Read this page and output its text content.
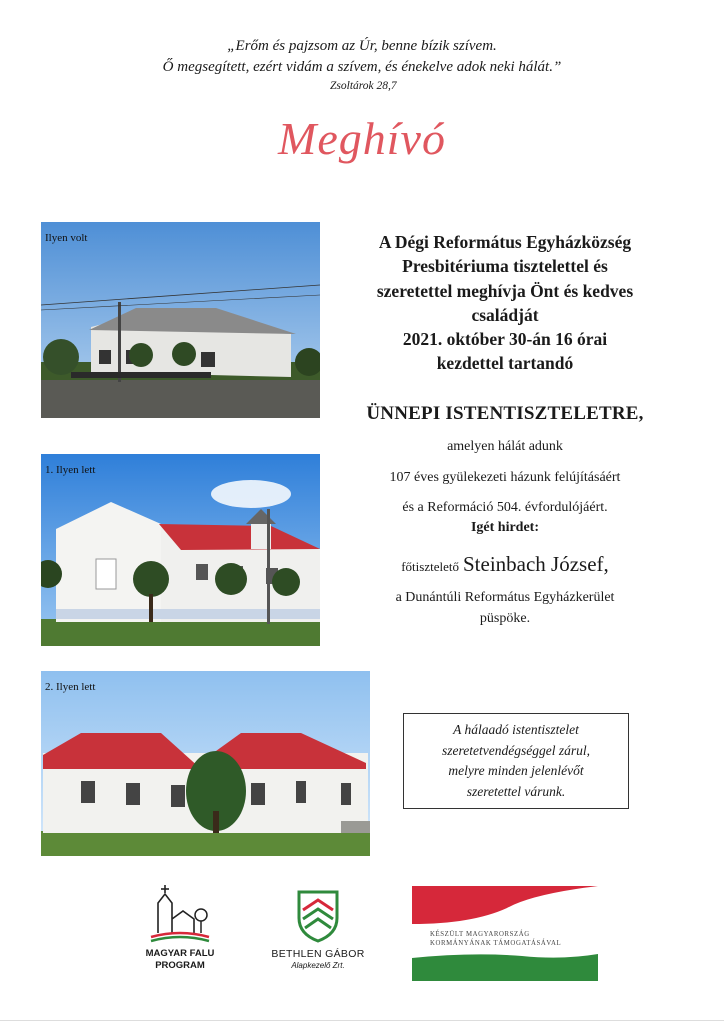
„Erőm és pajzsom az Úr, benne bízik szívem.
Ő megsegített, ezért vidám a szívem, és énekelve adok neki hálát.”
Zsoltárok 28,7
Meghívó
Ilyen volt
1. Ilyen lett
2. Ilyen lett
A Dégi Református Egyházközség
Presbitériuma tisztelettel és
szeretettel meghívja Önt és kedves
családját
2021. október 30-án 16 órai
kezdettel tartandó
ÜNNEPI ISTENTISZTELETRE,
amelyen hálát adunk
107 éves gyülekezeti házunk felújításáért
és a Reformáció 504. évfordulójáért.
Igét hirdet:
főtisztelető Steinbach József,
a Dunántúli Református Egyházkerület
püspöke.
A hálaadó istentisztelet
szeretetvendégséggel zárul,
melyre minden jelenlévőt
szeretettel várunk.
MAGYAR FALU
PROGRAM
BETHLEN GÁBOR
Alapkezelő Zrt.
KÉSZÜLT MAGYARORSZÁG
KORMÁNYÁNAK TÁMOGATÁSÁVAL
